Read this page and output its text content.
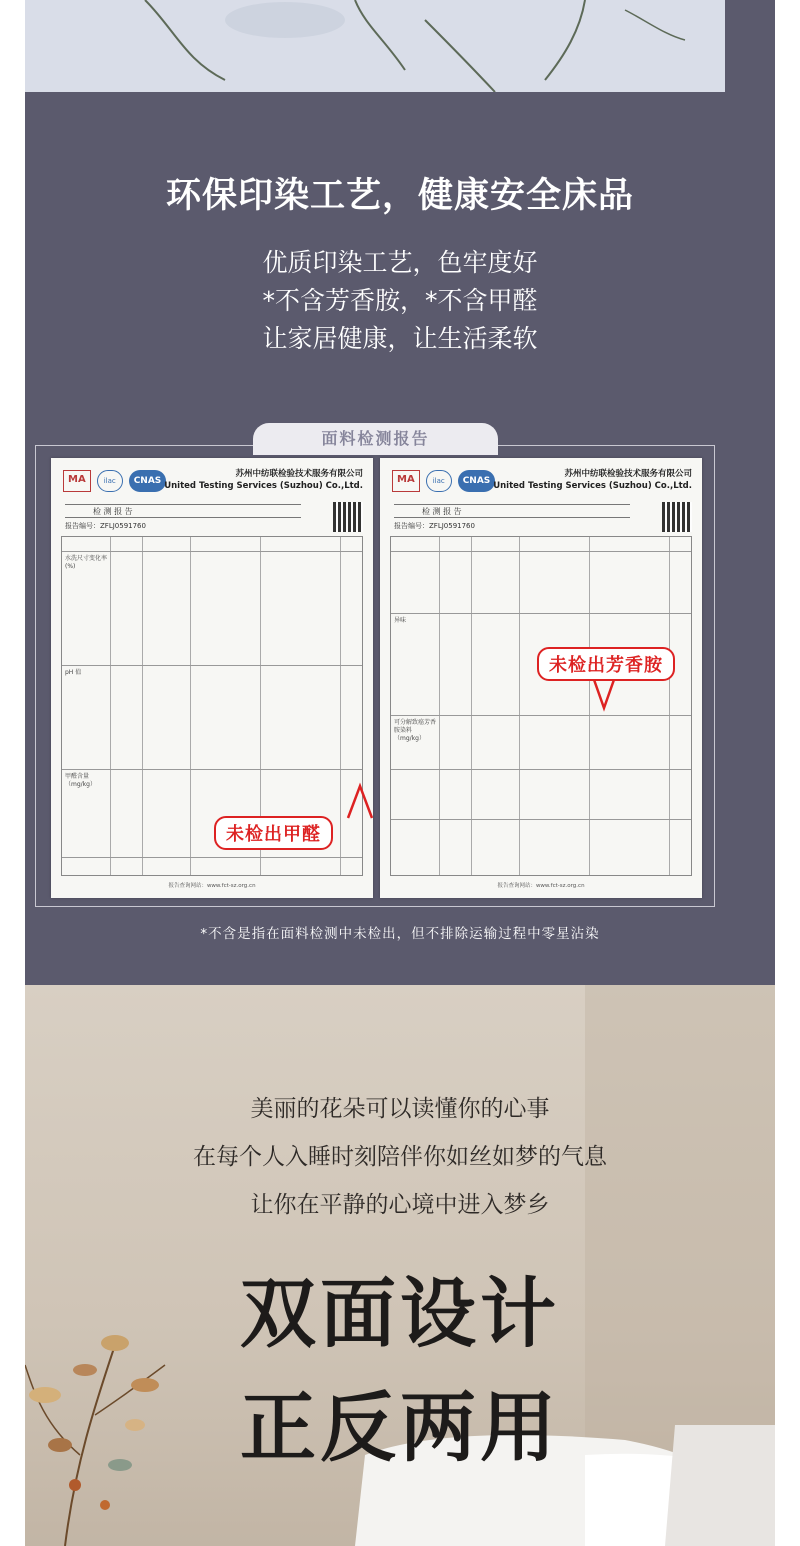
环保印染工艺，健康安全床品
优质印染工艺，色牢度好
*不含芳香胺，*不含甲醛
让家居健康，让生活柔软
面料检测报告
MA	ilac	CNAS
苏州中纺联检验技术服务有限公司
United Testing Services (Suzhou) Co.,Ltd.
检 测 报 告
报告编号：ZFLJ0591760
水洗尺寸变化率(%)
pH 值
甲醛含量（mg/kg）
报告查询网站：www.fct-sz.org.cn
MA	ilac	CNAS
苏州中纺联检验技术服务有限公司
United Testing Services (Suzhou) Co.,Ltd.
检 测 报 告
报告编号：ZFLJ0591760
异味
可分解致癌芳香胺染料（mg/kg）
报告查询网站：www.fct-sz.org.cn
未检出甲醛
未检出芳香胺
*不含是指在面料检测中未检出，但不排除运输过程中零星沾染
美丽的花朵可以读懂你的心事
在每个人入睡时刻陪伴你如丝如梦的气息
让你在平静的心境中进入梦乡
双面设计
正反两用
